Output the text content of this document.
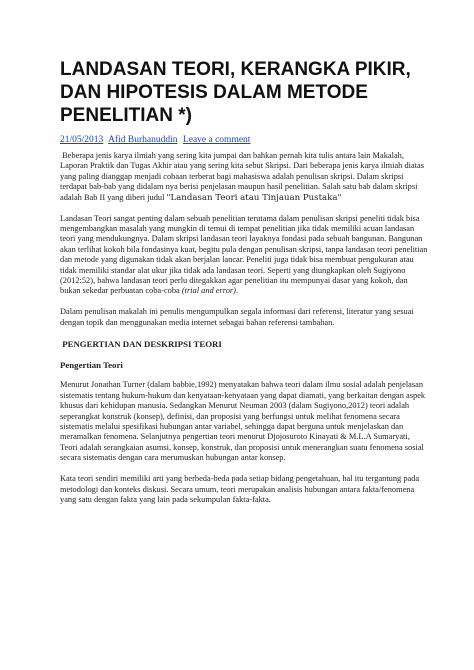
LANDASAN TEORI, KERANGKA PIKIR, DAN HIPOTESIS DALAM METODE PENELITIAN *)
21/05/2013 Afid Burhanuddin Leave a comment

Beberapa jenis karya ilmiah yang sering kita jumpai dan bahkan pernah kita tulis antara lain Makalah, Laporan Praktik dan Tugas Akhir atau yang sering kita sebut Skripsi. Dari beberapa jenis karya ilmiah diatas yang paling dianggap menjadi cobaan terberat bagi mahasiswa adalah penulisan skripsi. Dalam skripsi terdapat bab-bab yang didalam nya berisi penjelasan maupun hasil penelitian. Salah satu bab dalam skripsi adalah Bab II yang diberi judul "Landasan Teori atau Tinjauan Pustaka"

Landasan Teori sangat penting dalam sebuah penelitian terutama dalam penulisan skripsi peneliti tidak bisa mengembangkan masalah yang mungkin di temui di tempat penelitian jika tidak memiliki acuan landasan teori yang mendukungnya. Dalam skripsi landasan teori layaknya fondasi pada sebuah bangunan. Bangunan akan terlihat kokoh bila fondasinya kuat, begitu pula dengan penulisan skripsi, tanpa landasan teori penelitian dan metode yang digunakan tidak akan berjalan lancar. Peneliti juga tidak bisa membuat pengukuran atau tidak memiliki standar alat ukur jika tidak ada landasan teori. Seperti yang diungkapkan oleh Sugiyono (2012:52), bahwa landasan teori perlu ditegakkan agar penelitian itu mempunyai dasar yang kokoh, dan bukan sekedar perbuatan coba-coba (trial and error).

Dalam penulisan makalah ini penulis mengumpulkan segala informasi dari referensi, literatur yang sesuai dengan topik dan menggunakan media internet sebagai bahan referensi tambahan.

PENGERTIAN DAN DESKRIPSI TEORI

Pengertian Teori

Menurut Jonathan Turner (dalam babbie,1992) menyatakan bahwa teori dalam ilmu sosial adalah penjelasan sistematis tentang hukum-hukum dan kenyataan-kenyataan yang dapat diamati, yang berkaitan dengan aspek khusus dari kehidupan manusia. Sedangkan Menurut Neuman 2003 (dalam Sugiyono,2012) teori adalah seperangkat konstruk (konsep), definisi, dan proposisi yang berfungsi untuk melihat fenomena secara sistematis melalui spesifikasi hubungan antar variabel, sehingga dapat berguna untuk menjelaskan dan meramalkan fenomena. Selanjutnya pengertian teori menurut Djojosuroto Kinayati & M.L.A Sumaryati, Teori adalah serangkaian asumsi, konsep, konstruk, dan proposisi untuk menerangkan suatu fenomena sosial secara sistematis dengan cara merumuskan hubungan antar konsep.

Kata teori sendiri memiliki arti yang berbeda-beda pada setiap bidang pengetahuan, hal itu tergantung pada metodologi dan konteks diskusi. Secara umum, teori merupakan analisis hubungan antara fakta/fenomena yang satu dengan fakta yang lain pada sekumpulan fakta-fakta.
